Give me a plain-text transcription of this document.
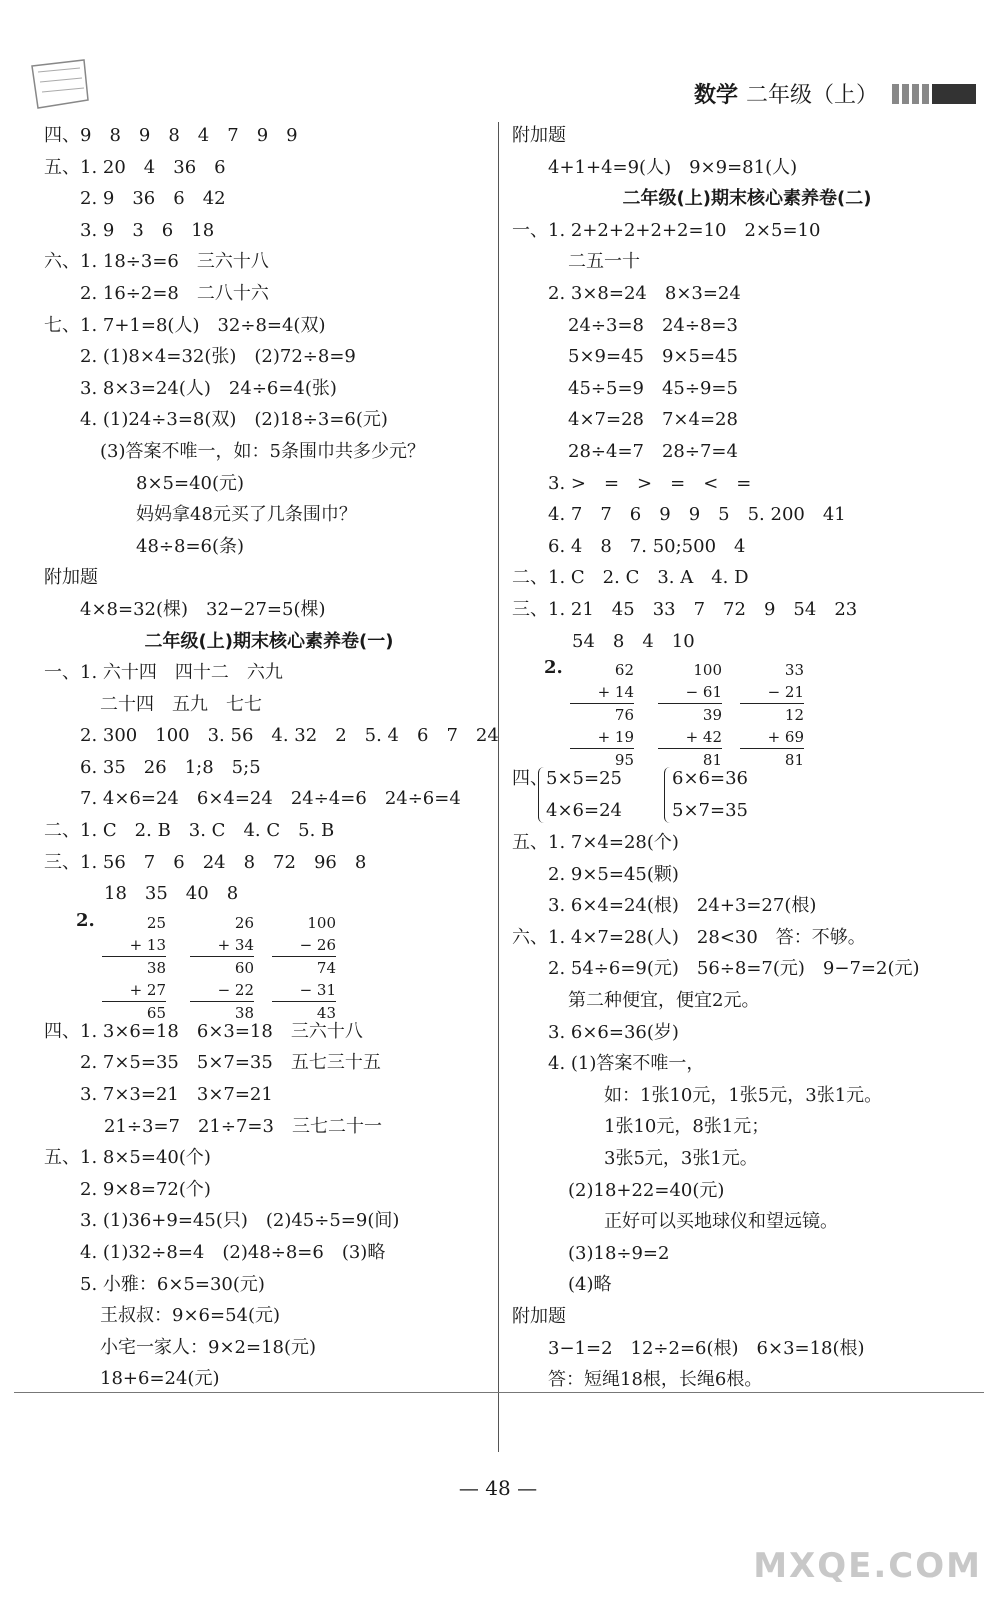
数学 二年级（上）
四、9　8　9　8　4　7　9　9
五、1. 20　4　36　6
2. 9　36　6　42
3. 9　3　6　18
六、1. 18÷3=6　三六十八
2. 16÷2=8　二八十六
七、1. 7+1=8(人)　32÷8=4(双)
2. (1)8×4=32(张)　(2)72÷8=9
3. 8×3=24(人)　24÷6=4(张)
4. (1)24÷3=8(双)　(2)18÷3=6(元)
(3)答案不唯一，如：5条围巾共多少元？
8×5=40(元)
妈妈拿48元买了几条围巾？
48÷8=6(条)
附加题
4×8=32(棵)　32−27=5(棵)
二年级(上)期末核心素养卷(一)
一、1. 六十四　四十二　六九
二十四　五九　七七
2. 300　100　3. 56　4. 32　2　5. 4　6　7　24
6. 35　26　1;8　5;5
7. 4×6=24　6×4=24　24÷4=6　24÷6=4
二、1. C　2. B　3. C　4. C　5. B
三、1. 56　7　6　24　8　72　96　8
18　35　40　8
2.	25
+ 13
38
+ 27
65
26
+ 34
60
− 22
38
100
− 26
74
− 31
43
四、1. 3×6=18　6×3=18　三六十八
2. 7×5=35　5×7=35　五七三十五
3. 7×3=21　3×7=21
21÷3=7　21÷7=3　三七二十一
五、1. 8×5=40(个)
2. 9×8=72(个)
3. (1)36+9=45(只)　(2)45÷5=9(间)
4. (1)32÷8=4　(2)48÷8=6　(3)略
5. 小雅：6×5=30(元)
王叔叔：9×6=54(元)
小宅一家人：9×2=18(元)
18+6=24(元)
附加题
4+1+4=9(人)　9×9=81(人)
二年级(上)期末核心素养卷(二)
一、1. 2+2+2+2+2=10　2×5=10
二五一十
2. 3×8=24　8×3=24
24÷3=8　24÷8=3
5×9=45　9×5=45
45÷5=9　45÷9=5
4×7=28　7×4=28
28÷4=7　28÷7=4
3. >　=　>　=　<　=
4. 7　7　6　9　9　5　5. 200　41
6. 4　8　7. 50;500　4
二、1. C　2. C　3. A　4. D
三、1. 21　45　33　7　72　9　54　23
54　8　4　10
2.	62
+ 14
76
+ 19
95
100
− 61
39
+ 42
81
33
− 21
12
+ 69
81
四、
5×5=25
4×6=24
6×6=36
5×7=35
五、1. 7×4=28(个)
2. 9×5=45(颗)
3. 6×4=24(根)　24+3=27(根)
六、1. 4×7=28(人)　28<30　答：不够。
2. 54÷6=9(元)　56÷8=7(元)　9−7=2(元)
第二种便宜，便宜2元。
3. 6×6=36(岁)
4. (1)答案不唯一，
如：1张10元，1张5元，3张1元。
1张10元，8张1元；
3张5元，3张1元。
(2)18+22=40(元)
正好可以买地球仪和望远镜。
(3)18÷9=2
(4)略
附加题
3−1=2　12÷2=6(根)　6×3=18(根)
答：短绳18根，长绳6根。
— 48 —
MXQE.COM
